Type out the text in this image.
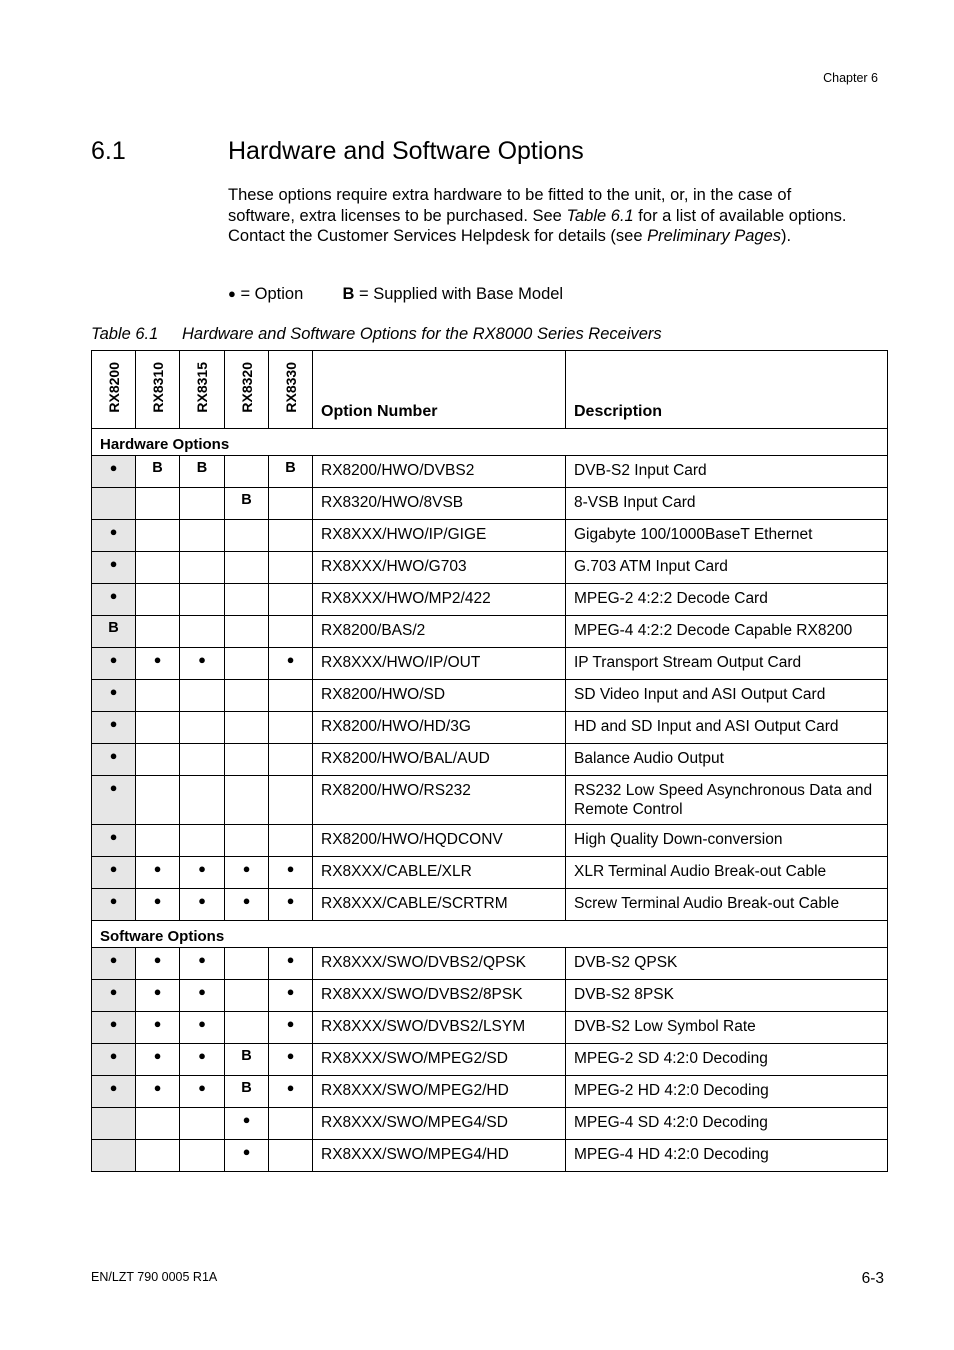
Chapter 6
6.1	Hardware and Software Options

These options require extra hardware to be fitted to the unit, or, in the case of software, extra licenses to be purchased. See Table 6.1 for a list of available options. Contact the Customer Services Helpdesk for details (see Preliminary Pages).

● = Option B = Supplied with Base Model
Table 6.1 Hardware and Software Options for the RX8000 Series Receivers
RX8200	RX8310	RX8315	RX8320	RX8330	Option Number	Description
Hardware Options						
●	B	B		B	RX8200/HWO/DVBS2	DVB-S2 Input Card
			B		RX8320/HWO/8VSB	8-VSB Input Card
●					RX8XXX/HWO/IP/GIGE	Gigabyte 100/1000BaseT Ethernet
●					RX8XXX/HWO/G703	G.703 ATM Input Card
●					RX8XXX/HWO/MP2/422	MPEG-2 4:2:2 Decode Card
B					RX8200/BAS/2	MPEG-4 4:2:2 Decode Capable RX8200
●	●	●		●	RX8XXX/HWO/IP/OUT	IP Transport Stream Output Card
●					RX8200/HWO/SD	SD Video Input and ASI Output Card
●					RX8200/HWO/HD/3G	HD and SD Input and ASI Output Card
●					RX8200/HWO/BAL/AUD	Balance Audio Output
●					RX8200/HWO/RS232	RS232 Low Speed Asynchronous Data and Remote Control
●					RX8200/HWO/HQDCONV	High Quality Down-conversion
●	●	●	●	●	RX8XXX/CABLE/XLR	XLR Terminal Audio Break-out Cable
●	●	●	●	●	RX8XXX/CABLE/SCRTRM	Screw Terminal Audio Break-out Cable
Software Options						
●	●	●		●	RX8XXX/SWO/DVBS2/QPSK	DVB-S2 QPSK
●	●	●		●	RX8XXX/SWO/DVBS2/8PSK	DVB-S2 8PSK
●	●	●		●	RX8XXX/SWO/DVBS2/LSYM	DVB-S2 Low Symbol Rate
●	●	●	B	●	RX8XXX/SWO/MPEG2/SD	MPEG-2 SD 4:2:0 Decoding
●	●	●	B	●	RX8XXX/SWO/MPEG2/HD	MPEG-2 HD 4:2:0 Decoding
			●		RX8XXX/SWO/MPEG4/SD	MPEG-4 SD 4:2:0 Decoding
			●		RX8XXX/SWO/MPEG4/HD	MPEG-4 HD 4:2:0 Decoding
EN/LZT 790 0005 R1A	6-3
